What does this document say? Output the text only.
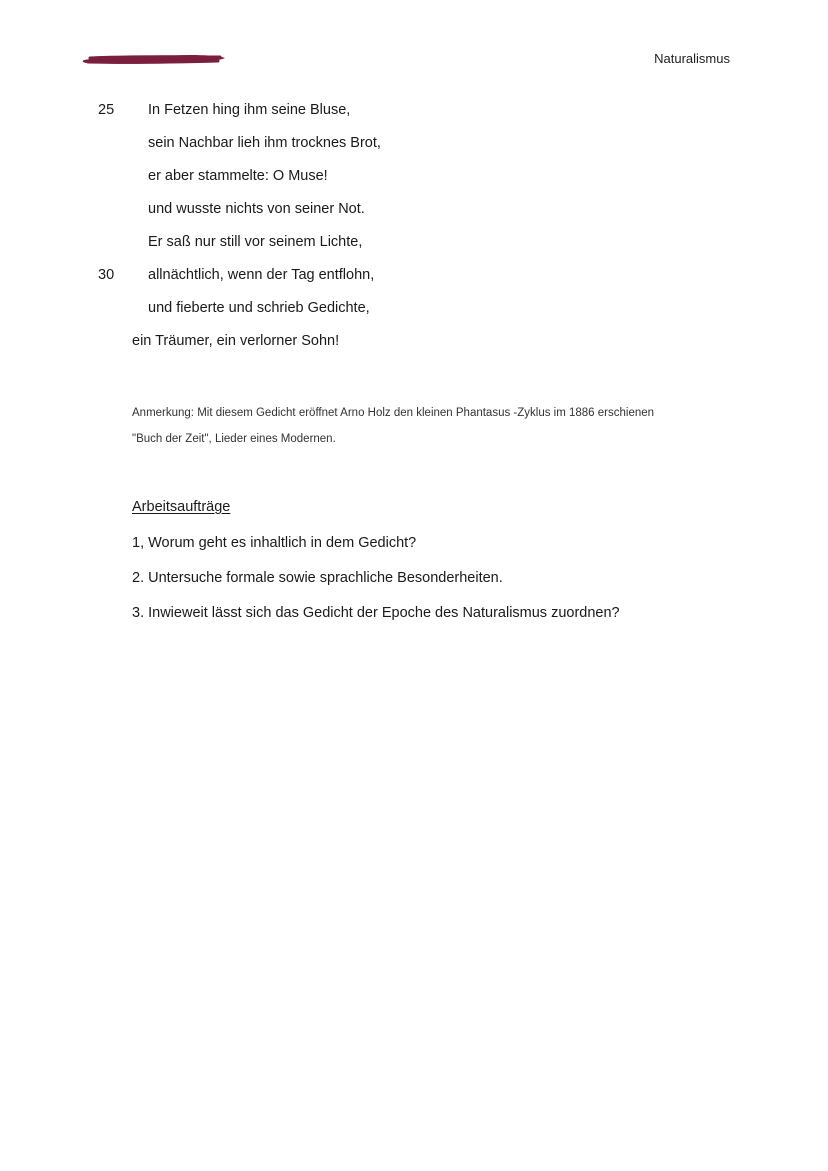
Naturalismus
25
30
In Fetzen hing ihm seine Bluse,
sein Nachbar lieh ihm trocknes Brot,
er aber stammelte: O Muse!
und wusste nichts von seiner Not.
Er saß nur still vor seinem Lichte,
allnächtlich, wenn der Tag entflohn,
und fieberte und schrieb Gedichte,
ein Träumer, ein verlorner Sohn!
Anmerkung: Mit diesem Gedicht eröffnet Arno Holz den kleinen Phantasus -Zyklus im 1886 erschienen
"Buch der Zeit", Lieder eines Modernen.
Arbeitsaufträge
1, Worum geht es inhaltlich in dem Gedicht?
2. Untersuche formale sowie sprachliche Besonderheiten.
3. Inwieweit lässt sich das Gedicht der Epoche des Naturalismus zuordnen?
